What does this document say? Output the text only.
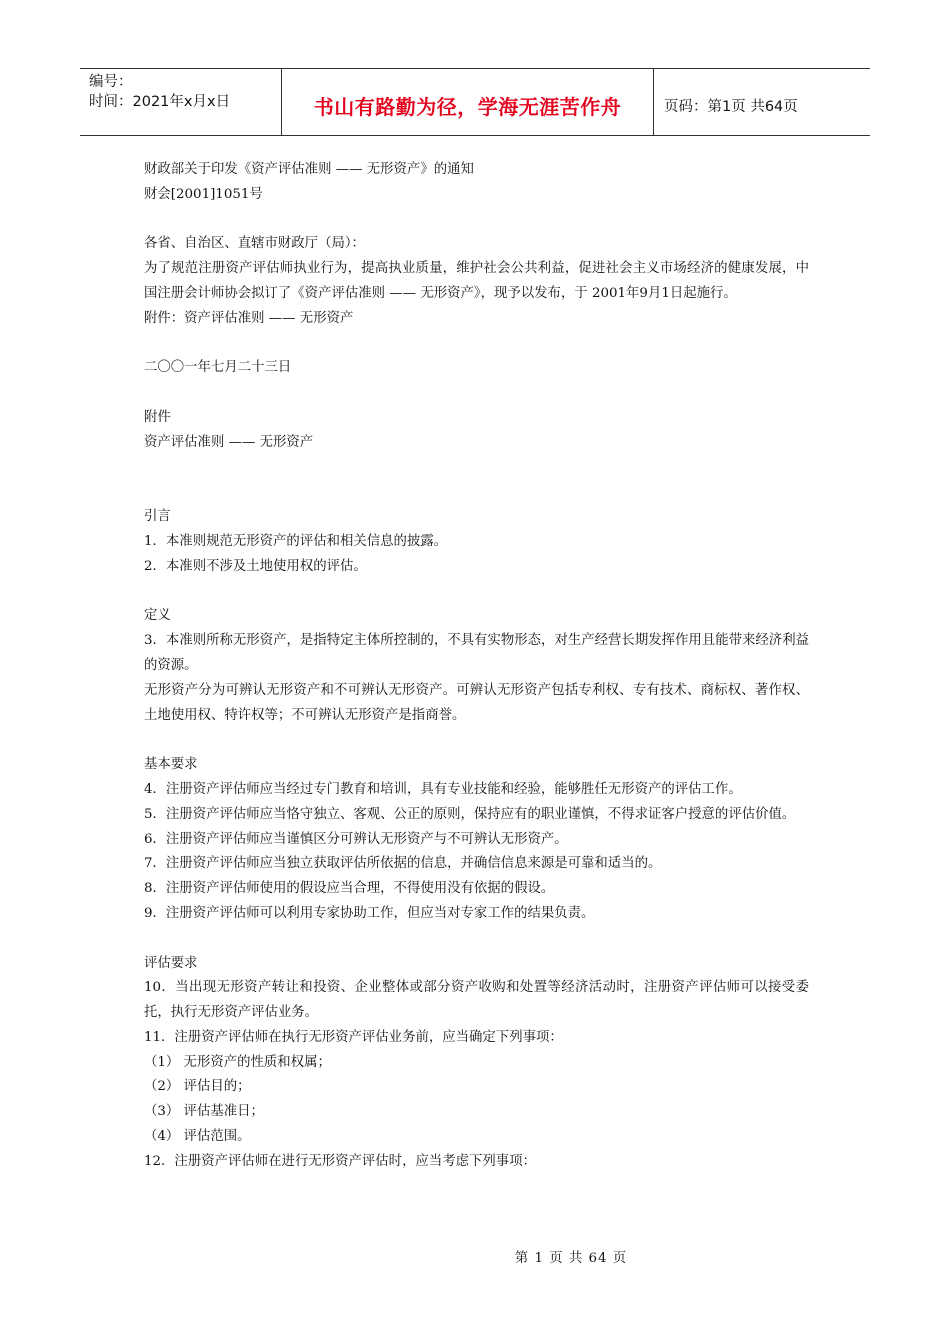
编号：
时间：2021年x月x日	书山有路勤为径，学海无涯苦作舟	页码：第1页 共64页
财政部关于印发《资产评估准则 —— 无形资产》的通知
财会[2001]1051号
各省、自治区、直辖市财政厅（局）：
为了规范注册资产评估师执业行为，提高执业质量，维护社会公共利益，促进社会主义市场经济的健康发展，中国注册会计师协会拟订了《资产评估准则 —— 无形资产》，现予以发布，于 2001年9月1日起施行。
附件：资产评估准则 —— 无形资产
二〇〇一年七月二十三日
附件
资产评估准则 —— 无形资产
引言
1．本准则规范无形资产的评估和相关信息的披露。
2．本准则不涉及土地使用权的评估。
定义
3．本准则所称无形资产，是指特定主体所控制的，不具有实物形态，对生产经营长期发挥作用且能带来经济利益的资源。
无形资产分为可辨认无形资产和不可辨认无形资产。可辨认无形资产包括专利权、专有技术、商标权、著作权、土地使用权、特许权等；不可辨认无形资产是指商誉。
基本要求
4．注册资产评估师应当经过专门教育和培训，具有专业技能和经验，能够胜任无形资产的评估工作。
5．注册资产评估师应当恪守独立、客观、公正的原则，保持应有的职业谨慎，不得求证客户授意的评估价值。
6．注册资产评估师应当谨慎区分可辨认无形资产与不可辨认无形资产。
7．注册资产评估师应当独立获取评估所依据的信息，并确信信息来源是可靠和适当的。
8．注册资产评估师使用的假设应当合理，不得使用没有依据的假设。
9．注册资产评估师可以利用专家协助工作，但应当对专家工作的结果负责。
评估要求
10．当出现无形资产转让和投资、企业整体或部分资产收购和处置等经济活动时，注册资产评估师可以接受委托，执行无形资产评估业务。
11．注册资产评估师在执行无形资产评估业务前，应当确定下列事项：
（1） 无形资产的性质和权属；
（2） 评估目的；
（3） 评估基准日；
（4） 评估范围。
12．注册资产评估师在进行无形资产评估时，应当考虑下列事项：
第 1 页 共 64 页
